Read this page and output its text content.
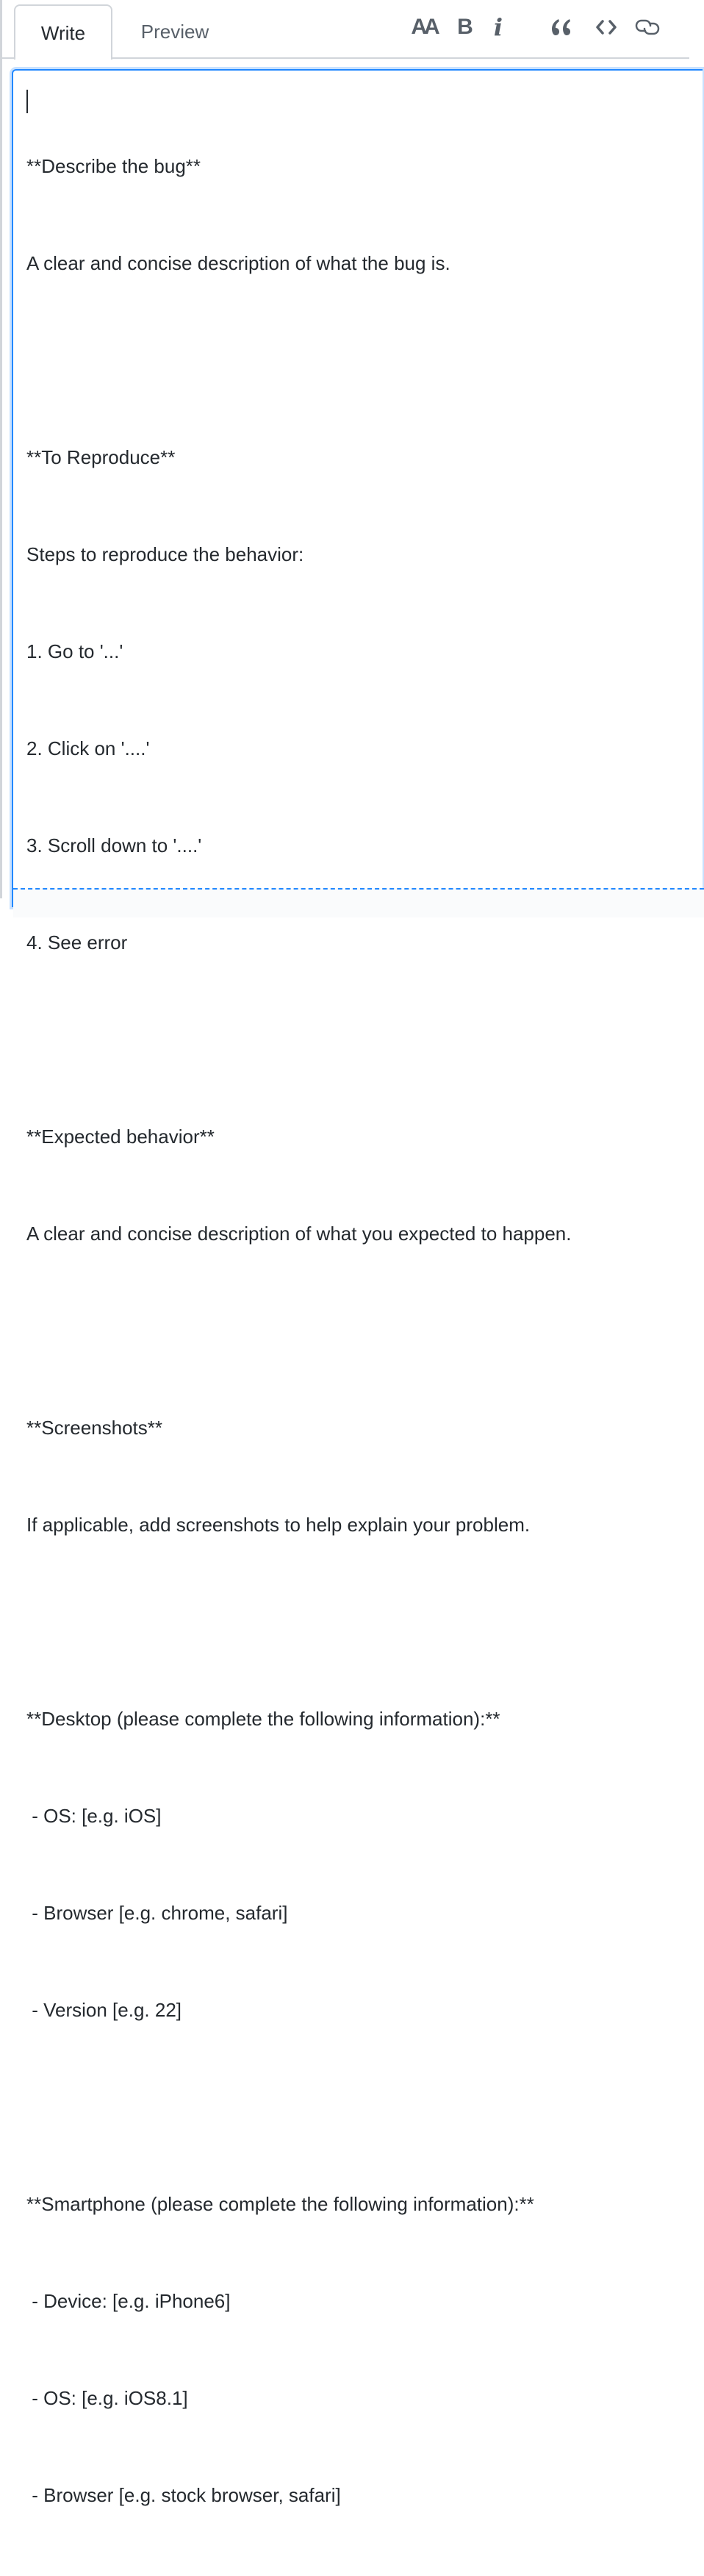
Write	Preview	AA B i

**Describe the bug**

A clear and concise description of what the bug is.

**To Reproduce**

Steps to reproduce the behavior:

1. Go to '...'

2. Click on '....'

3. Scroll down to '....'

4. See error

**Expected behavior**

A clear and concise description of what you expected to happen.

**Screenshots**

If applicable, add screenshots to help explain your problem.

**Desktop (please complete the following information):**

- OS: [e.g. iOS]

- Browser [e.g. chrome, safari]

- Version [e.g. 22]

**Smartphone (please complete the following information):**

- Device: [e.g. iPhone6]

- OS: [e.g. iOS8.1]

- Browser [e.g. stock browser, safari]
